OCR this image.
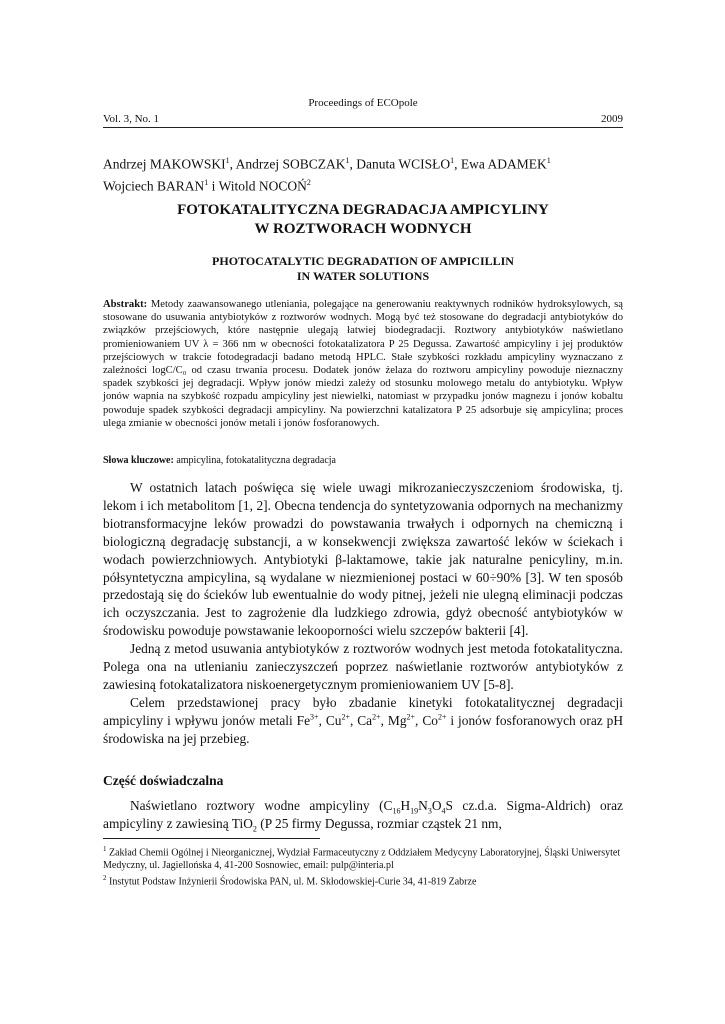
Proceedings of ECOpole
Vol. 3, No. 1	2009
Andrzej MAKOWSKI$^1$, Andrzej SOBCZAK$^1$, Danuta WCISŁO$^1$, Ewa ADAMEK$^1$
Wojciech BARAN$^1$ i Witold NOCOŃ$^2$
FOTOKATALITYCZNA DEGRADACJA AMPICYLINY
W ROZTWORACH WODNYCH
PHOTOCATALYTIC DEGRADATION OF AMPICILLIN
IN WATER SOLUTIONS
Abstrakt: Metody zaawansowanego utleniania, polegające na generowaniu reaktywnych rodników hydroksylowych, są stosowane do usuwania antybiotyków z roztworów wodnych. Mogą być też stosowane do degradacji antybiotyków do związków przejściowych, które następnie ulegają łatwiej biodegradacji. Roztwory antybiotyków naświetlano promieniowaniem UV λ = 366 nm w obecności fotokatalizatora P 25 Degussa. Zawartość ampicyliny i jej produktów przejściowych w trakcie fotodegradacji badano metodą HPLC. Stałe szybkości rozkładu ampicyliny wyznaczano z zależności logC/C₀ od czasu trwania procesu. Dodatek jonów żelaza do roztworu ampicyliny powoduje nieznaczny spadek szybkości jej degradacji. Wpływ jonów miedzi zależy od stosunku molowego metalu do antybiotyku. Wpływ jonów wapnia na szybkość rozpadu ampicyliny jest niewielki, natomiast w przypadku jonów magnezu i jonów kobaltu powoduje spadek szybkości degradacji ampicyliny. Na powierzchni katalizatora P 25 adsorbuje się ampicylina; proces ulega zmianie w obecności jonów metali i jonów fosforanowych.
Słowa kluczowe: ampicylina, fotokatalityczna degradacja

W ostatnich latach poświęca się wiele uwagi mikrozanieczyszczeniom środowiska, tj. lekom i ich metabolitom [1, 2]. Obecna tendencja do syntetyzowania odpornych na mechanizmy biotransformacyjne leków prowadzi do powstawania trwałych i odpornych na chemiczną i biologiczną degradację substancji, a w konsekwencji zwiększa zawartość leków w ściekach i wodach powierzchniowych. Antybiotyki β-laktamowe, takie jak naturalne penicyliny, m.in. półsyntetyczna ampicylina, są wydalane w niezmienionej postaci w 60÷90% [3]. W ten sposób przedostają się do ścieków lub ewentualnie do wody pitnej, jeżeli nie ulegną eliminacji podczas ich oczyszczania. Jest to zagrożenie dla ludzkiego zdrowia, gdyż obecność antybiotyków w środowisku powoduje powstawanie lekooporności wielu szczepów bakterii [4].

Jedną z metod usuwania antybiotyków z roztworów wodnych jest metoda fotokatalityczna. Polega ona na utlenianiu zanieczyszczeń poprzez naświetlanie roztworów antybiotyków z zawiesiną fotokatalizatora niskoenergetycznym promieniowaniem UV [5-8].

Celem przedstawionej pracy było zbadanie kinetyki fotokatalitycznej degradacji ampicyliny i wpływu jonów metali $Fe^{3+}$, $Cu^{2+}$, $Ca^{2+}$, $Mg^{2+}$, $Co^{2+}$ i jonów fosforanowych oraz pH środowiska na jej przebieg.

Część doświadczalna

Naświetlano roztwory wodne ampicyliny ($C_{16}H_{19}N_3O_4S$ cz.d.a. Sigma-Aldrich) oraz ampicyliny z zawiesiną TiO$_2$ (P 25 firmy Degussa, rozmiar cząstek 21 nm,

$^1$ Zakład Chemii Ogólnej i Nieorganicznej, Wydział Farmaceutyczny z Oddziałem Medycyny Laboratoryjnej, Śląski Uniwersytet Medyczny, ul. Jagiellońska 4, 41-200 Sosnowiec, email: pulp@interia.pl
$^2$ Instytut Podstaw Inżynierii Środowiska PAN, ul. M. Skłodowskiej-Curie 34, 41-819 Zabrze
